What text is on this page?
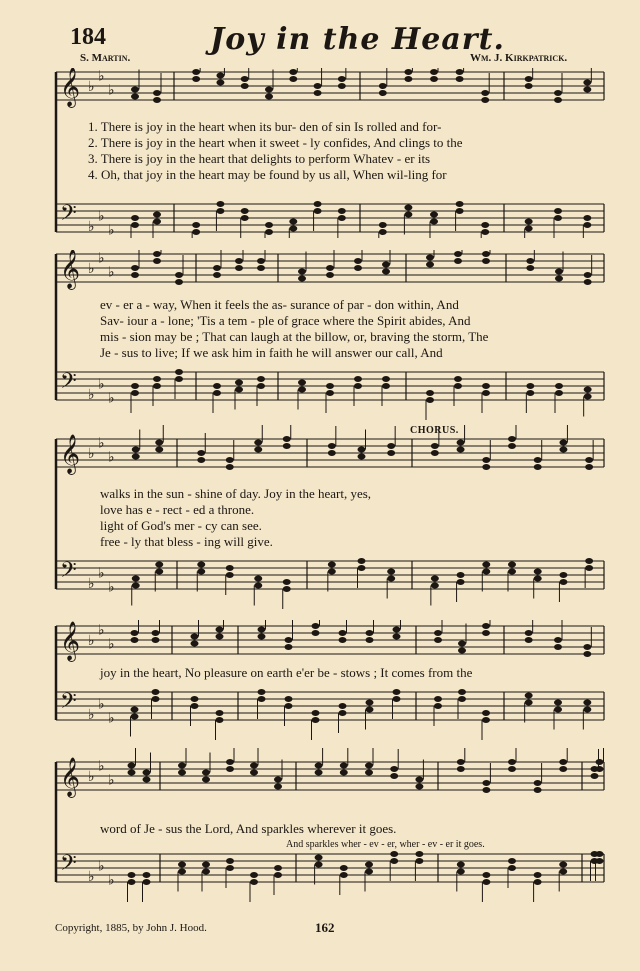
184	Joy in the Heart.
S. Martin.	Wm. J. Kirkpatrick.
𝄞
𝄢
♭
♭
♭
♭
♭
♭
1. There is joy in the heart when its bur- den of sin Is rolled and for-
2. There is joy in the heart when it sweet - ly confides, And clings to the
3. There is joy in the heart that delights to perform Whatev - er its
4. Oh, that joy in the heart may be found by us all, When wil-ling for
𝄞
𝄢
♭
♭
♭
♭
♭
♭
ev - er a - way, When it feels the as- surance of par - don within, And
Sav- iour a - lone; 'Tis a tem - ple of grace where the Spirit abides, And
mis - sion may be ; That can laugh at the billow, or, braving the storm, The
Je - sus to live; If we ask him in faith he will answer our call, And
CHORUS.
𝄞
𝄢
♭
♭
♭
♭
♭
♭
walks in the sun - shine of day. Joy in the heart, yes,
love has e - rect - ed a throne.
light of God's mer - cy can see.
free - ly that bless - ing will give.
𝄞
𝄢
♭
♭
♭
♭
♭
♭
joy in the heart, No pleasure on earth e'er be - stows ; It comes from the
𝄞
𝄢
♭
♭
♭
♭
♭
♭
word of Je - sus the Lord, And sparkles wherever it goes.
And sparkles wher - ev - er, wher - ev - er it goes.
Copyright, 1885, by John J. Hood.	162
